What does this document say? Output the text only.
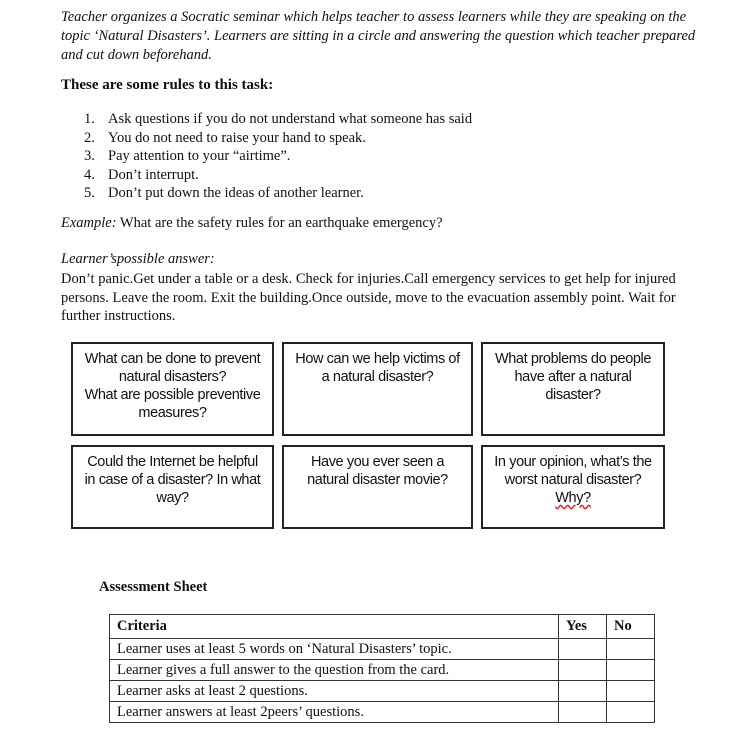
Teacher organizes a Socratic seminar which helps teacher to assess learners while they are speaking on the topic ‘Natural Disasters’. Learners are sitting in a circle and answering the question which teacher prepared and cut down beforehand.
These are some rules to this task:
1. Ask questions if you do not understand what someone has said
2. You do not need to raise your hand to speak.
3. Pay attention to your “airtime”.
4. Don’t interrupt.
5. Don’t put down the ideas of another learner.
Example: What are the safety rules for an earthquake emergency?
Learner’spossible answer:
Don’t panic.Get under a table or a desk. Check for injuries.Call emergency services to get help for injured persons. Leave the room. Exit the building.Once outside, move to the evacuation assembly point. Wait for further instructions.
What can be done to prevent
natural disasters?
What are possible preventive
measures?
How can we help victims of
a natural disaster?
What problems do people
have after a natural
disaster?
Could the Internet be helpful
in case of a disaster? In what
way?
Have you ever seen a
natural disaster movie?
In your opinion, what’s the
worst natural disaster?
Why?
Assessment Sheet
Criteria	Yes	No
Learner uses at least 5 words on ‘Natural Disasters’ topic.		
Learner gives a full answer to the question from the card.		
Learner asks at least 2 questions.		
Learner answers at least 2peers’ questions.		
